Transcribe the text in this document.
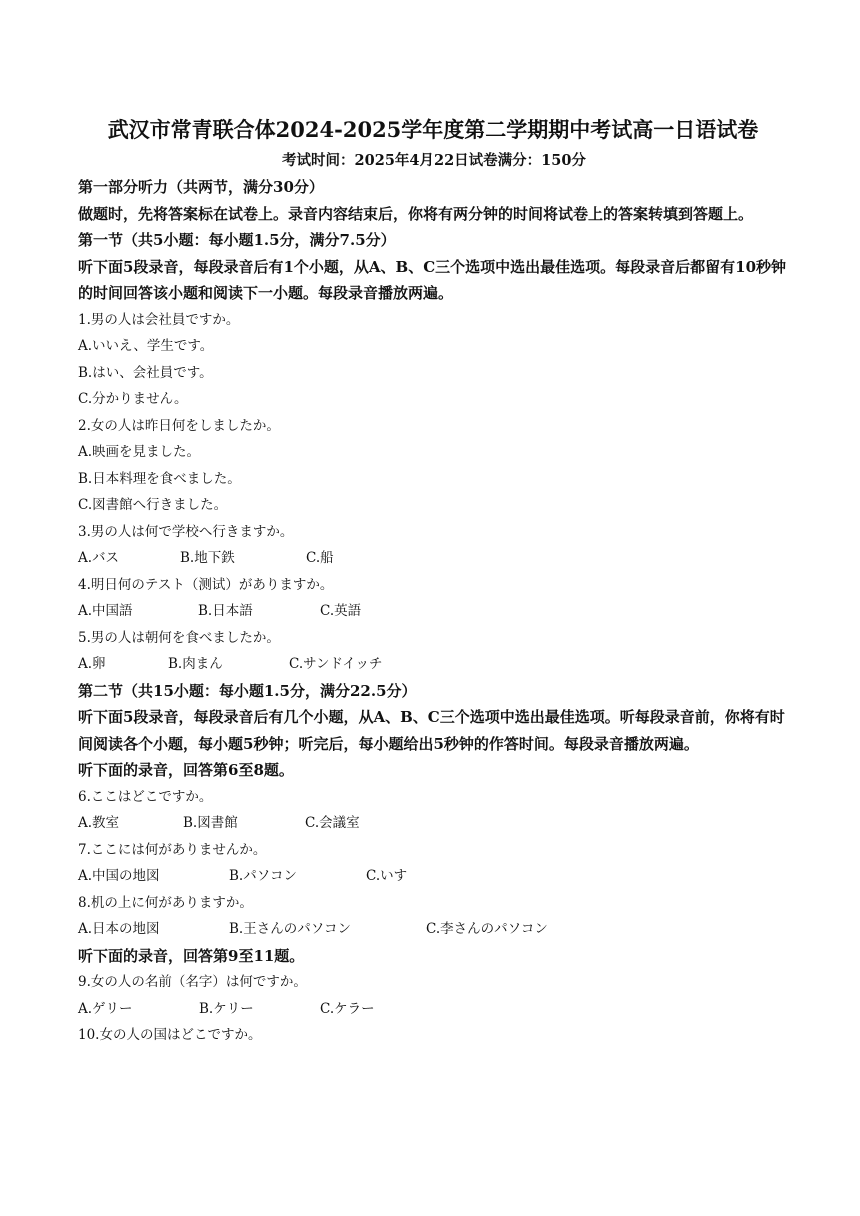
武汉市常青联合体2024-2025学年度第二学期期中考试高一日语试卷
考试时间：2025年4月22日试卷满分：150分
第一部分听力（共两节，满分30分）
做题时，先将答案标在试卷上。录音内容结束后，你将有两分钟的时间将试卷上的答案转填到答题上。
第一节（共5小题：每小题1.5分，满分7.5分）
听下面5段录音，每段录音后有1个小题，从A、B、C三个选项中选出最佳选项。每段录音后都留有10秒钟的时间回答该小题和阅读下一小题。每段录音播放两遍。
1.男の人は会社員ですか。
A.いいえ、学生です。
B.はい、会社員です。
C.分かりません。
2.女の人は昨日何をしましたか。
A.映画を見ました。
B.日本料理を食べました。
C.図書館へ行きました。
3.男の人は何で学校へ行きますか。
A.バス	B.地下鉄	C.船
4.明日何のテスト（测试）がありますか。
A.中国語	B.日本語	C.英語
5.男の人は朝何を食べましたか。
A.卵	B.肉まん	C.サンドイッチ
第二节（共15小题：每小题1.5分，满分22.5分）
听下面5段录音，每段录音后有几个小题，从A、B、C三个选项中选出最佳选项。听每段录音前，你将有时间阅读各个小题，每小题5秒钟；听完后，每小题给出5秒钟的作答时间。每段录音播放两遍。
听下面的录音，回答第6至8题。
6.ここはどこですか。
A.教室	B.図書館	C.会議室
7.ここには何がありませんか。
A.中国の地図	B.パソコン	C.いす
8.机の上に何がありますか。
A.日本の地図	B.王さんのパソコン	C.李さんのパソコン
听下面的录音，回答第9至11题。
9.女の人の名前（名字）は何ですか。
A.ゲリー	B.ケリー	C.ケラー
10.女の人の国はどこですか。
